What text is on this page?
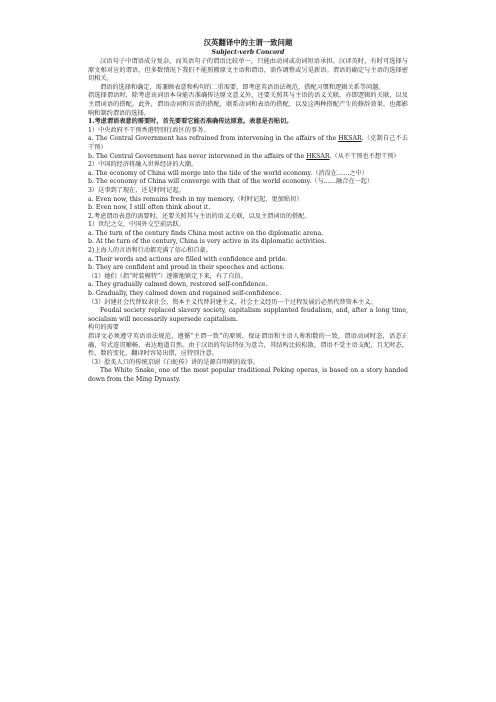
汉英翻译中的主谓一致问题
Subject-verb Concord

汉语句子中谓语成分复杂，而英语句子的谓语比较单一，只能由动词或动词短语承担。汉译英时，有时可选择与原文相对应的谓语，但多数情况下我们不能照搬原文主语和谓语，需作调整或另觅新语。谓语的确定与主语的选择密切相关。

谓语的选择和确定，需兼顾表意和构句的二重需要，即考虑英语语法规范，搭配习惯和逻辑关系等问题。

指选择谓语时，除考虑该词语本身能否准确传达原文意义外，还要关照其与主语的语义关联，亦即逻辑的关联，以及主谓词语的搭配。此外，谓语动词和宾语的搭配，联系动词和表语的搭配，以及这两种搭配产生的修辞效果，也都影响和制约谓语的选择。

1.考虑谓语表意的需要时，首先要看它能否准确传达原意。表意是否贴切。

1）中央政府不干预香港特别行政区的事务。

a. The Central Government has refrained from intervening in the affairs of the HKSAR.（克制自己不去干预）

b. The Central Government has never intervened in the affairs of the HKSAR.（从不干预也不想干预）

2）中国的经济将融入世界经济的大潮。

a. The economy of China will merge into the tide of the world economy.（消没在……之中）

b. The economy of China will converge with that of the world economy.（与……融合在一起）

3）这事到了现在，还是时时记起。

a. Even now, this remains fresh in my memory.（时时记起，更加贴切）

b. Even now, I still often think about it.

2.考虑谓语表意的需要时，还要关照其与主语的语义关联，以及主谓词语的搭配。

1）世纪之交，中国外交空前活跃。

a. The turn of the century finds China most active on the diplomatic arena.

b. At the turn of the century, China is very active in its diplomatic activities.

2)上海人的言语和行动都充满了信心和自豪。

a. Their words and actions are filled with confidence and pride.

b. They are confident and proud in their speeches and actions.

（1）她们（指“时装模特”）逐渐地镇定下来，有了自信。

a. They gradually calmed down, restored self-confidence.

b. Gradually, they calmed down and regained self-confidence.

（3）封建社会代替奴隶社会，资本主义代替封建主义，社会主义经历一个过程发展后必然代替资本主义。

Feudal society replaced slavery society, capitalism supplanted feudalism, and, after a long time, socialism will necessarily supersede capitalism.

构句的需要

指译文必须遵守英语语法规范，遵循“主谓一致”的原则，保证谓语和主语人称和数的一致，谓语动词时态，语态正确，句式连贯顺畅，表达地道自然。由于汉语的句法特征为意合，其结构比较松散，谓语不受主语支配，且无时态，性，数的变化，翻译时容易出错，应特别注意。

（3）脍炙人口的传统京剧《白蛇传》讲的是源自明朝的故事。

The White Snake, one of the most popular traditional Peking operas, is based on a story handed down from the Ming Dynasty.
